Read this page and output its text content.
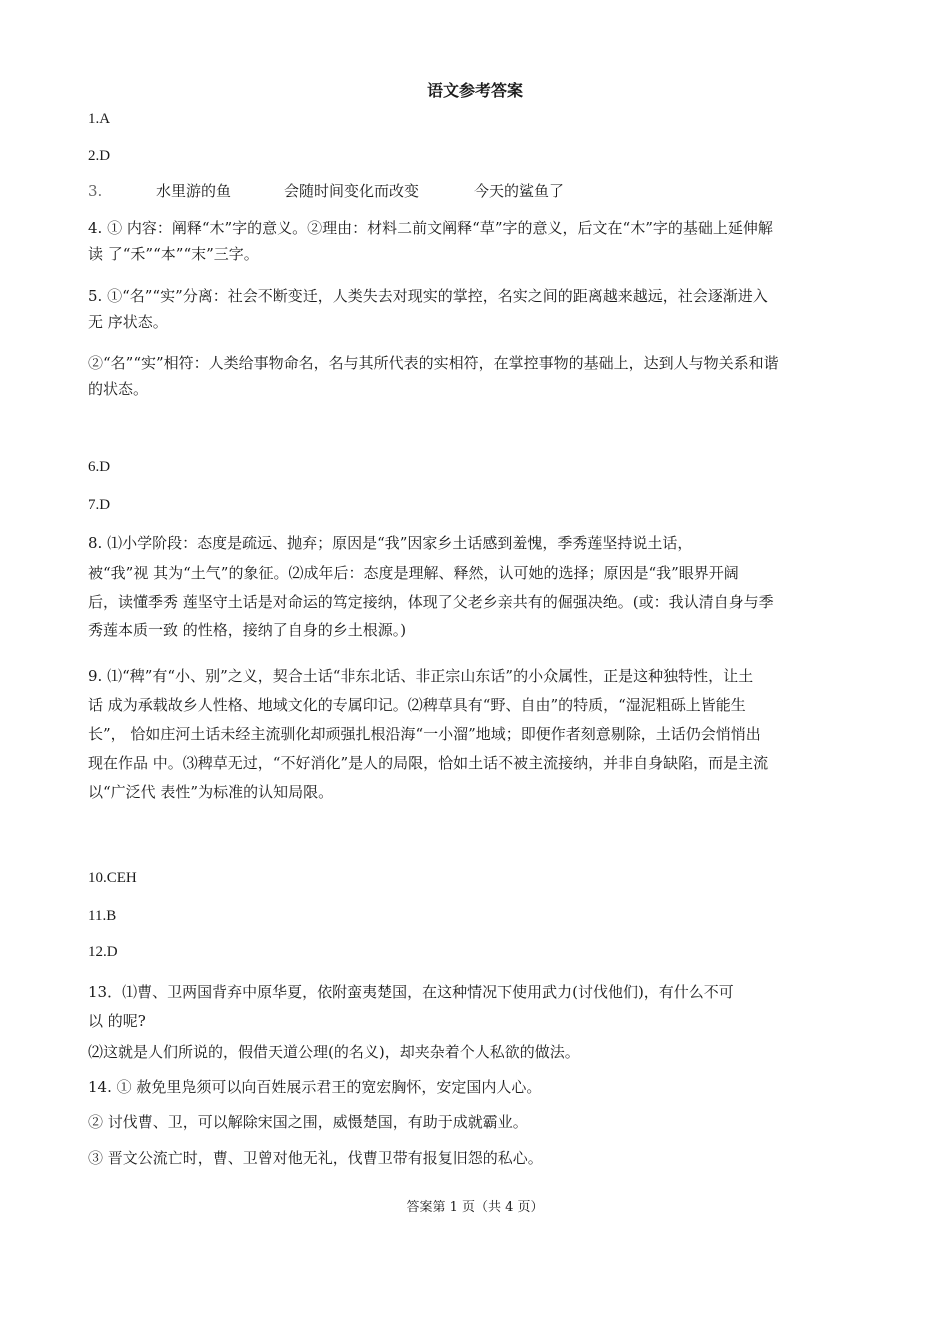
语文参考答案
1.A
2.D
3.	水里游的鱼	会随时间变化而改变	今天的鲨鱼了
4. ① 内容：阐释“木”字的意义。②理由：材料二前文阐释“草”字的意义，后文在“木”字的基础上延伸解
读 了“禾”“本”“末”三字。
5. ①“名”“实”分离：社会不断变迁，人类失去对现实的掌控，名实之间的距离越来越远，社会逐渐进入
无 序状态。
②“名”“实”相符：人类给事物命名，名与其所代表的实相符，在掌控事物的基础上，达到人与物关系和谐
的状态。
6.D
7.D
8. ⑴小学阶段：态度是疏远、抛弃；原因是“我”因家乡土话感到羞愧，季秀莲坚持说土话，
被“我”视 其为“土气”的象征。⑵成年后：态度是理解、释然，认可她的选择；原因是“我”眼界开阔
后，读懂季秀 莲坚守土话是对命运的笃定接纳，体现了父老乡亲共有的倔强决绝。(或：我认清自身与季
秀莲本质一致 的性格，接纳了自身的乡土根源。)
9. ⑴“稗”有“小、别”之义，契合土话“非东北话、非正宗山东话”的小众属性，正是这种独特性，让土
话 成为承载故乡人性格、地域文化的专属印记。⑵稗草具有“野、自由”的特质，“湿泥粗砾上皆能生
长”， 恰如庄河土话未经主流驯化却顽强扎根沿海“一小溜”地域；即便作者刻意剔除，土话仍会悄悄出
现在作品 中。⑶稗草无过，“不好消化”是人的局限，恰如土话不被主流接纳，并非自身缺陷，而是主流
以“广泛代 表性”为标准的认知局限。
10.CEH
11.B
12.D
13．⑴曹、卫两国背弃中原华夏，依附蛮夷楚国，在这种情况下使用武力(讨伐他们)，有什么不可
以 的呢?
⑵这就是人们所说的，假借天道公理(的名义)，却夹杂着个人私欲的做法。
14. ① 赦免里凫须可以向百姓展示君王的宽宏胸怀，安定国内人心。
② 讨伐曹、卫，可以解除宋国之围，威慑楚国，有助于成就霸业。
③ 晋文公流亡时，曹、卫曾对他无礼，伐曹卫带有报复旧怨的私心。
答案第 1 页（共 4 页）
